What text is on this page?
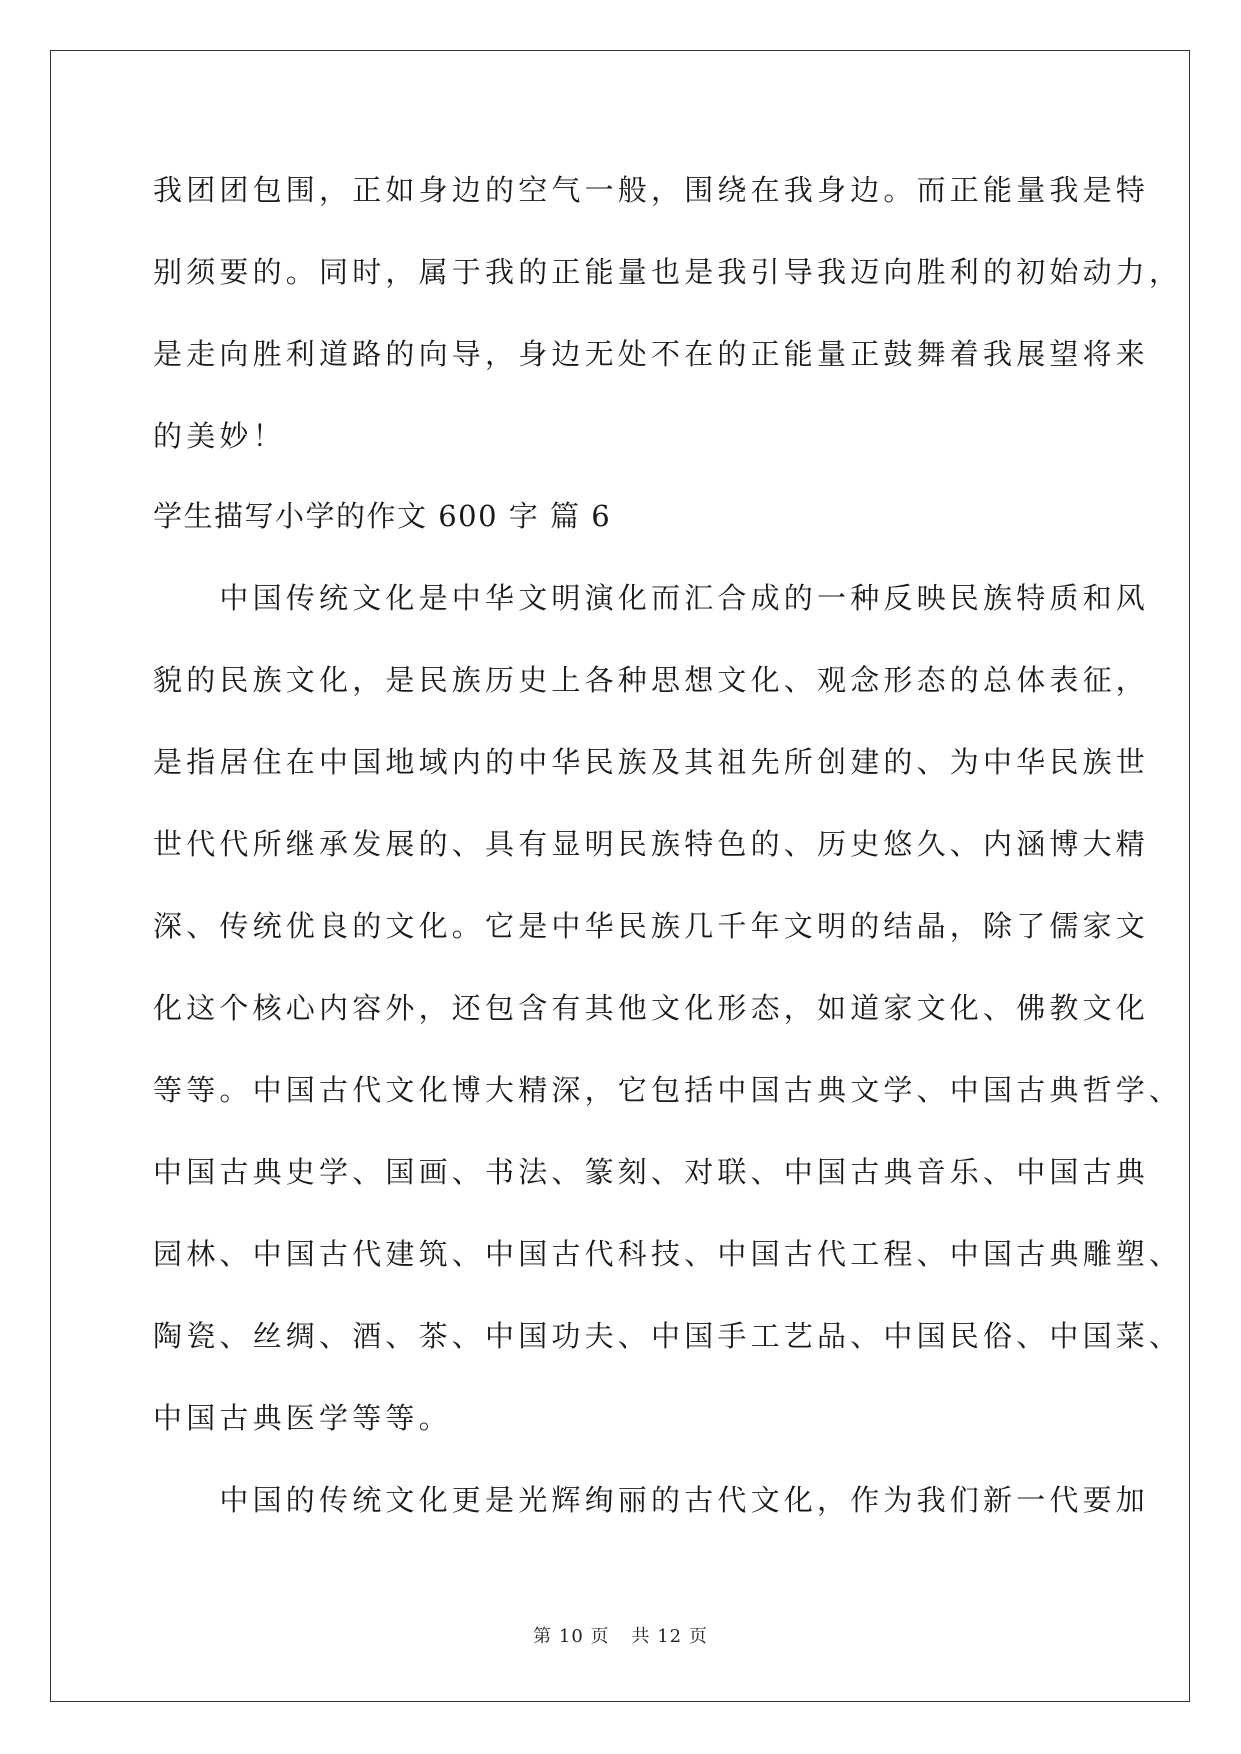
我团团包围，正如身边的空气一般，围绕在我身边。而正能量我是特
别须要的。同时，属于我的正能量也是我引导我迈向胜利的初始动力，
是走向胜利道路的向导，身边无处不在的正能量正鼓舞着我展望将来
的美妙！
学生描写小学的作文 600 字 篇 6
　　中国传统文化是中华文明演化而汇合成的一种反映民族特质和风
貌的民族文化，是民族历史上各种思想文化、观念形态的总体表征，
是指居住在中国地域内的中华民族及其祖先所创建的、为中华民族世
世代代所继承发展的、具有显明民族特色的、历史悠久、内涵博大精
深、传统优良的文化。它是中华民族几千年文明的结晶，除了儒家文
化这个核心内容外，还包含有其他文化形态，如道家文化、佛教文化
等等。中国古代文化博大精深，它包括中国古典文学、中国古典哲学、
中国古典史学、国画、书法、篆刻、对联、中国古典音乐、中国古典
园林、中国古代建筑、中国古代科技、中国古代工程、中国古典雕塑、
陶瓷、丝绸、酒、茶、中国功夫、中国手工艺品、中国民俗、中国菜、
中国古典医学等等。
　　中国的传统文化更是光辉绚丽的古代文化，作为我们新一代要加
第 10 页 共 12 页
